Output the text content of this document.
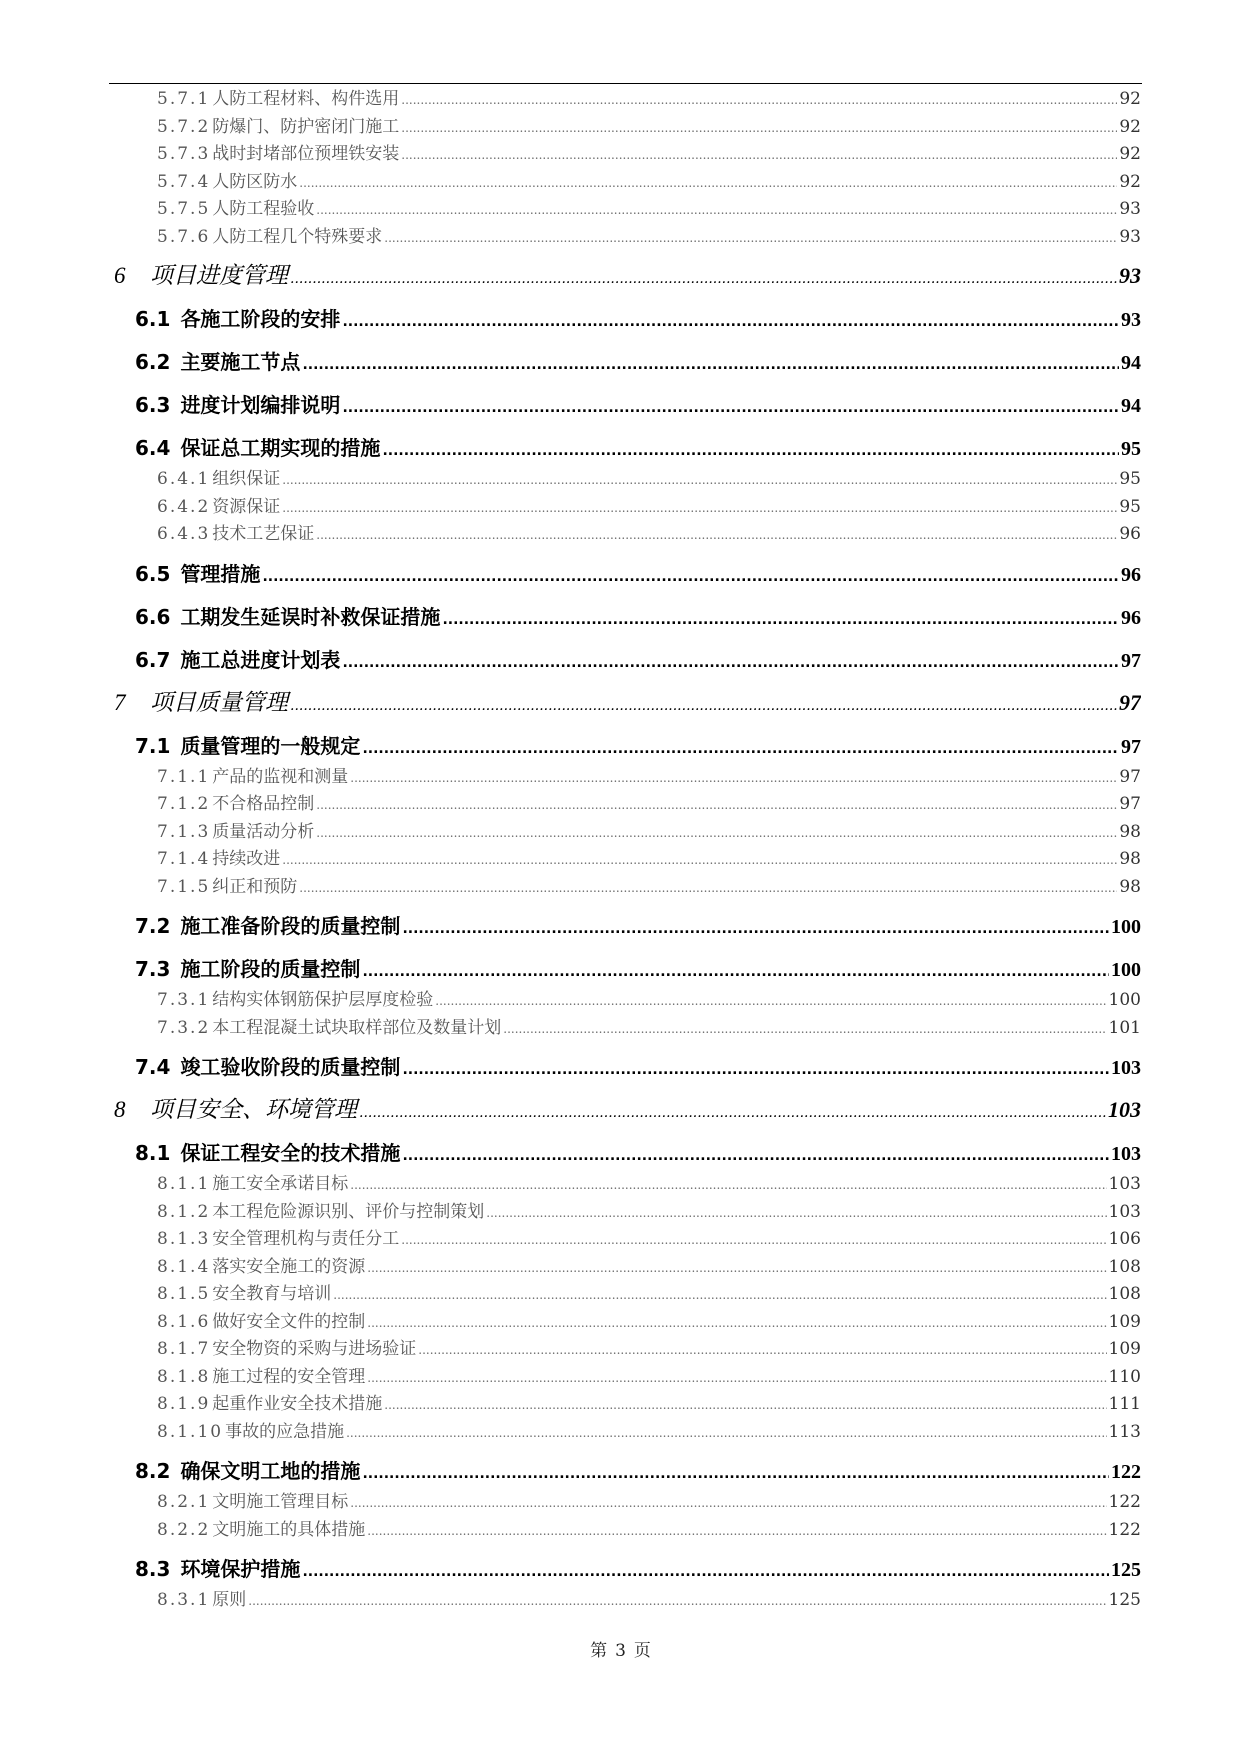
5.7.1 人防工程材料、构件选用 .....	92
5.7.2 防爆门、防护密闭门施工 .....	92
5.7.3 战时封堵部位预埋铁安装 .....	92
5.7.4 人防区防水 .....	92
5.7.5 人防工程验收 .....	93
5.7.6 人防工程几个特殊要求 .....	93
6	项目进度管理 .....	93
6.1 各施工阶段的安排 .....	93
6.2 主要施工节点 .....	94
6.3 进度计划编排说明 .....	94
6.4 保证总工期实现的措施 .....	95
6.4.1 组织保证 .....	95
6.4.2 资源保证 .....	95
6.4.3 技术工艺保证 .....	96
6.5 管理措施 .....	96
6.6 工期发生延误时补救保证措施 .....	96
6.7 施工总进度计划表 .....	97
7	项目质量管理 .....	97
7.1 质量管理的一般规定 .....	97
7.1.1 产品的监视和测量 .....	97
7.1.2 不合格品控制 .....	97
7.1.3 质量活动分析 .....	98
7.1.4 持续改进 .....	98
7.1.5 纠正和预防 .....	98
7.2 施工准备阶段的质量控制 .....	100
7.3 施工阶段的质量控制 .....	100
7.3.1 结构实体钢筋保护层厚度检验 .....	100
7.3.2 本工程混凝土试块取样部位及数量计划 .....	101
7.4 竣工验收阶段的质量控制 .....	103
8	项目安全、环境管理 .....	103
8.1 保证工程安全的技术措施 .....	103
8.1.1 施工安全承诺目标 .....	103
8.1.2 本工程危险源识别、评价与控制策划 .....	103
8.1.3 安全管理机构与责任分工 .....	106
8.1.4 落实安全施工的资源 .....	108
8.1.5 安全教育与培训 .....	108
8.1.6 做好安全文件的控制 .....	109
8.1.7 安全物资的采购与进场验证 .....	109
8.1.8 施工过程的安全管理 .....	110
8.1.9 起重作业安全技术措施 .....	111
8.1.10 事故的应急措施 .....	113
8.2 确保文明工地的措施 .....	122
8.2.1 文明施工管理目标 .....	122
8.2.2 文明施工的具体措施 .....	122
8.3 环境保护措施 .....	125
8.3.1 原则 .....	125
第 3 页
